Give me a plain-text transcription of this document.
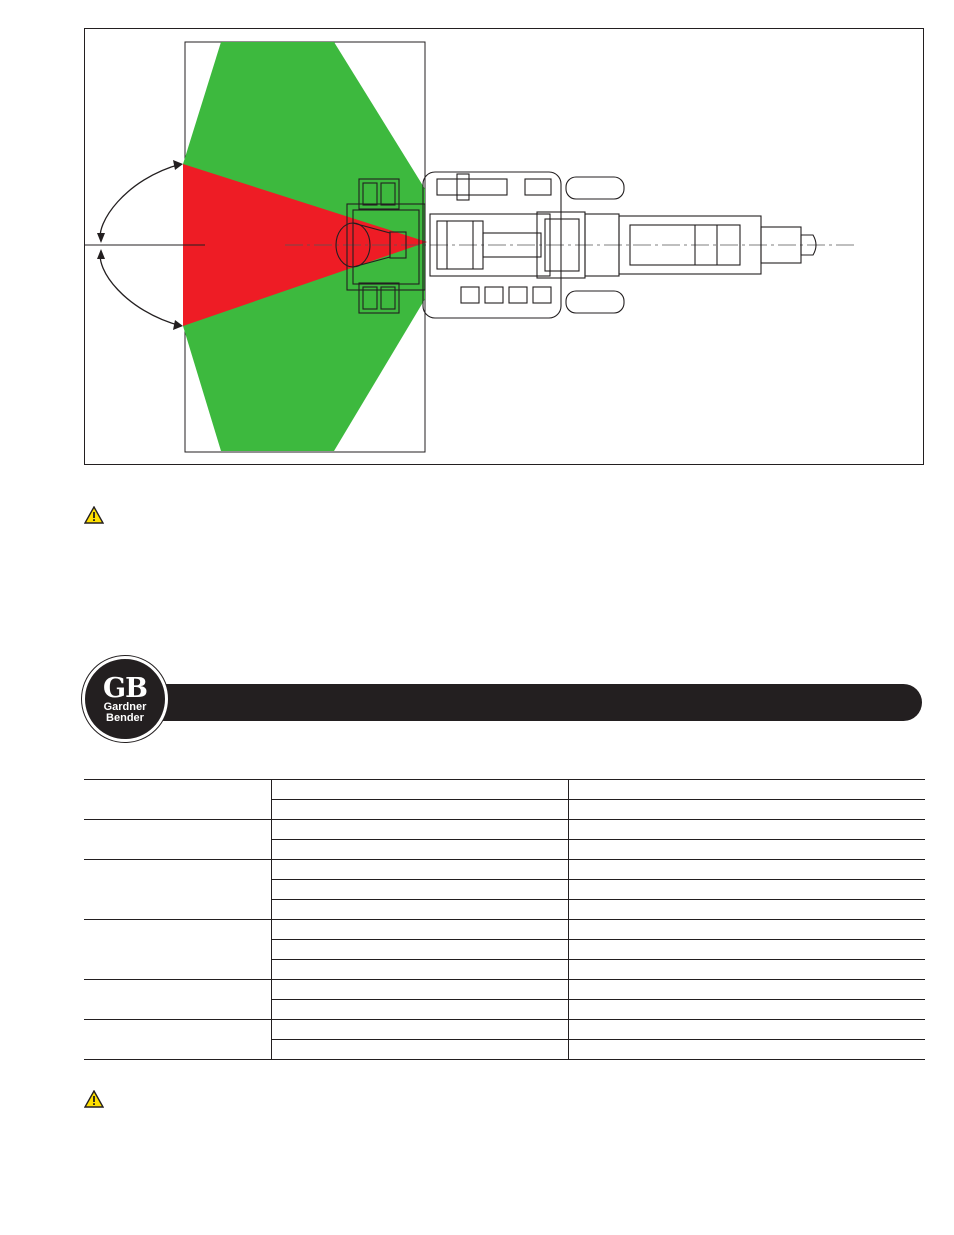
GB
Gardner
Bender
